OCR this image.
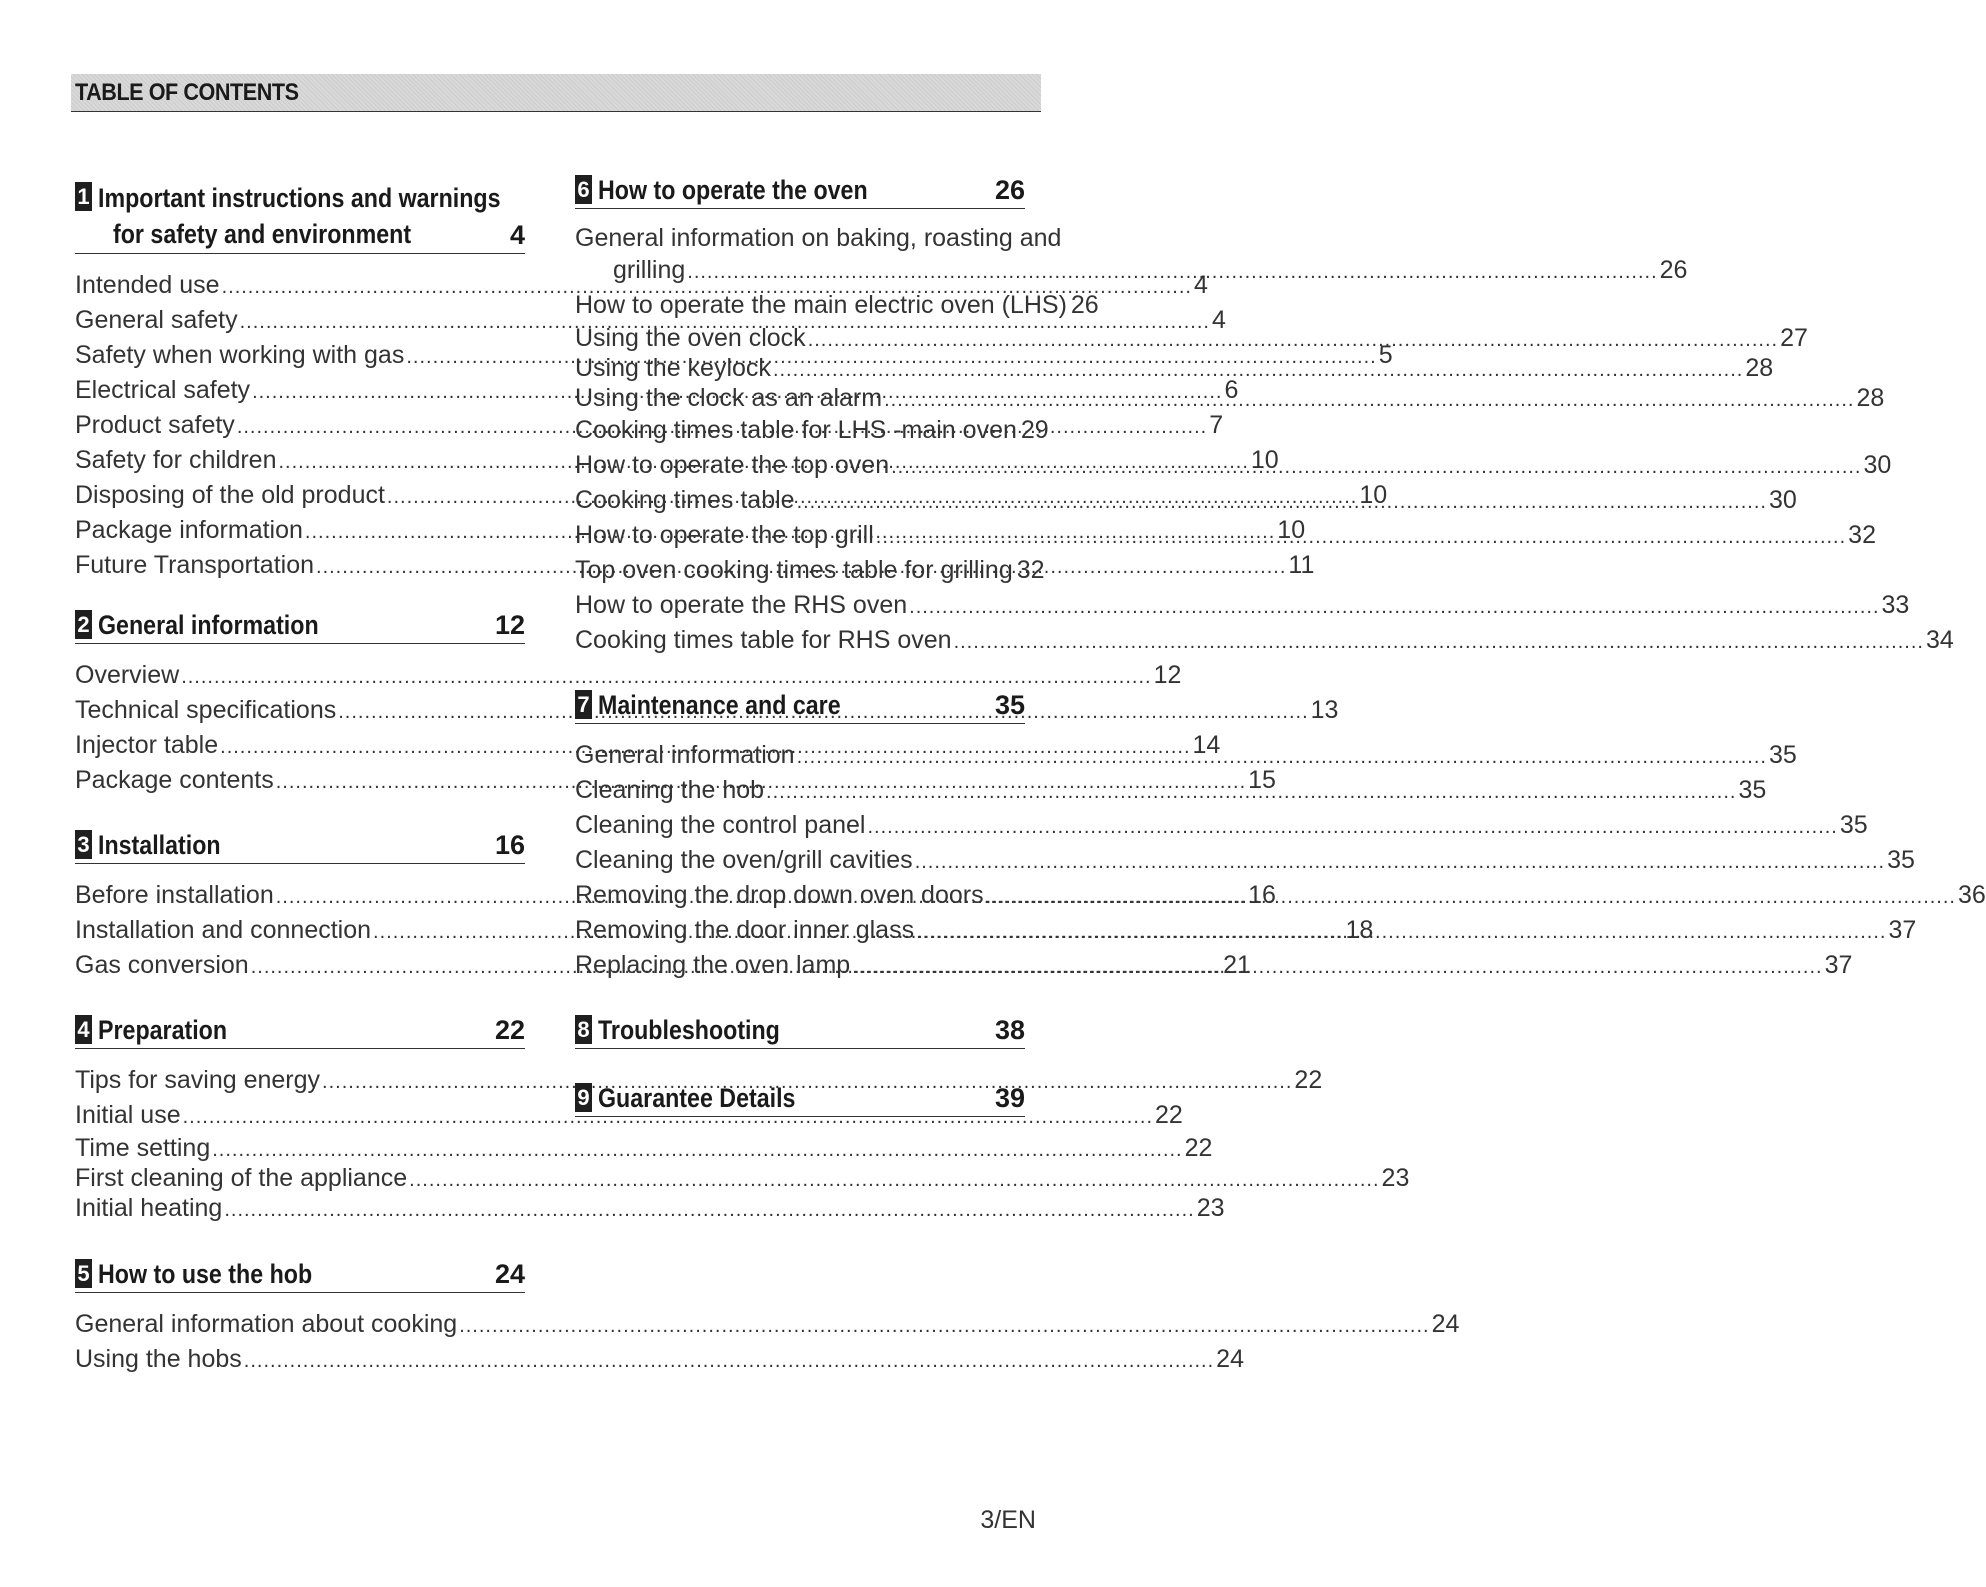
TABLE OF CONTENTS
1 Important instructions and warnings
for safety and environment	4
Intended use .....	4
General safety .....	4
Safety when working with gas .....	5
Electrical safety .....	6
Product safety .....	7
Safety for children .....	10
Disposing of the old product .....	10
Package information .....	10
Future Transportation .....	11
2 General information	12
Overview .....	12
Technical specifications .....	13
Injector table .....	14
Package contents .....	15
3 Installation	16
Before installation .....	16
Installation and connection .....	18
Gas conversion .....	21
4 Preparation	22
Tips for saving energy .....	22
Initial use .....	22
Time setting .....	22
First cleaning of the appliance .....	23
Initial heating .....	23
5 How to use the hob	24
General information about cooking .....	24
Using the hobs .....	24
6 How to operate the oven	26
General information on baking, roasting and
grilling .....	26
How to operate the main electric oven (LHS) 26
Using the oven clock .....	27
Using the keylock .....	28
Using the clock as an alarm .....	28
Cooking times table for LHS -main oven 29
How to operate the top oven .....	30
Cooking times table .....	30
How to operate the top grill .....	32
Top oven cooking times table for grilling 32
How to operate the RHS oven .....	33
Cooking times table for RHS oven .....	34
7 Maintenance and care	35
General information .....	35
Cleaning the hob .....	35
Cleaning the control panel .....	35
Cleaning the oven/grill cavities .....	35
Removing the drop down oven doors .....	36
Removing the door inner glass .....	37
Replacing the oven lamp .....	37
8 Troubleshooting	38
9 Guarantee Details	39
3/EN
